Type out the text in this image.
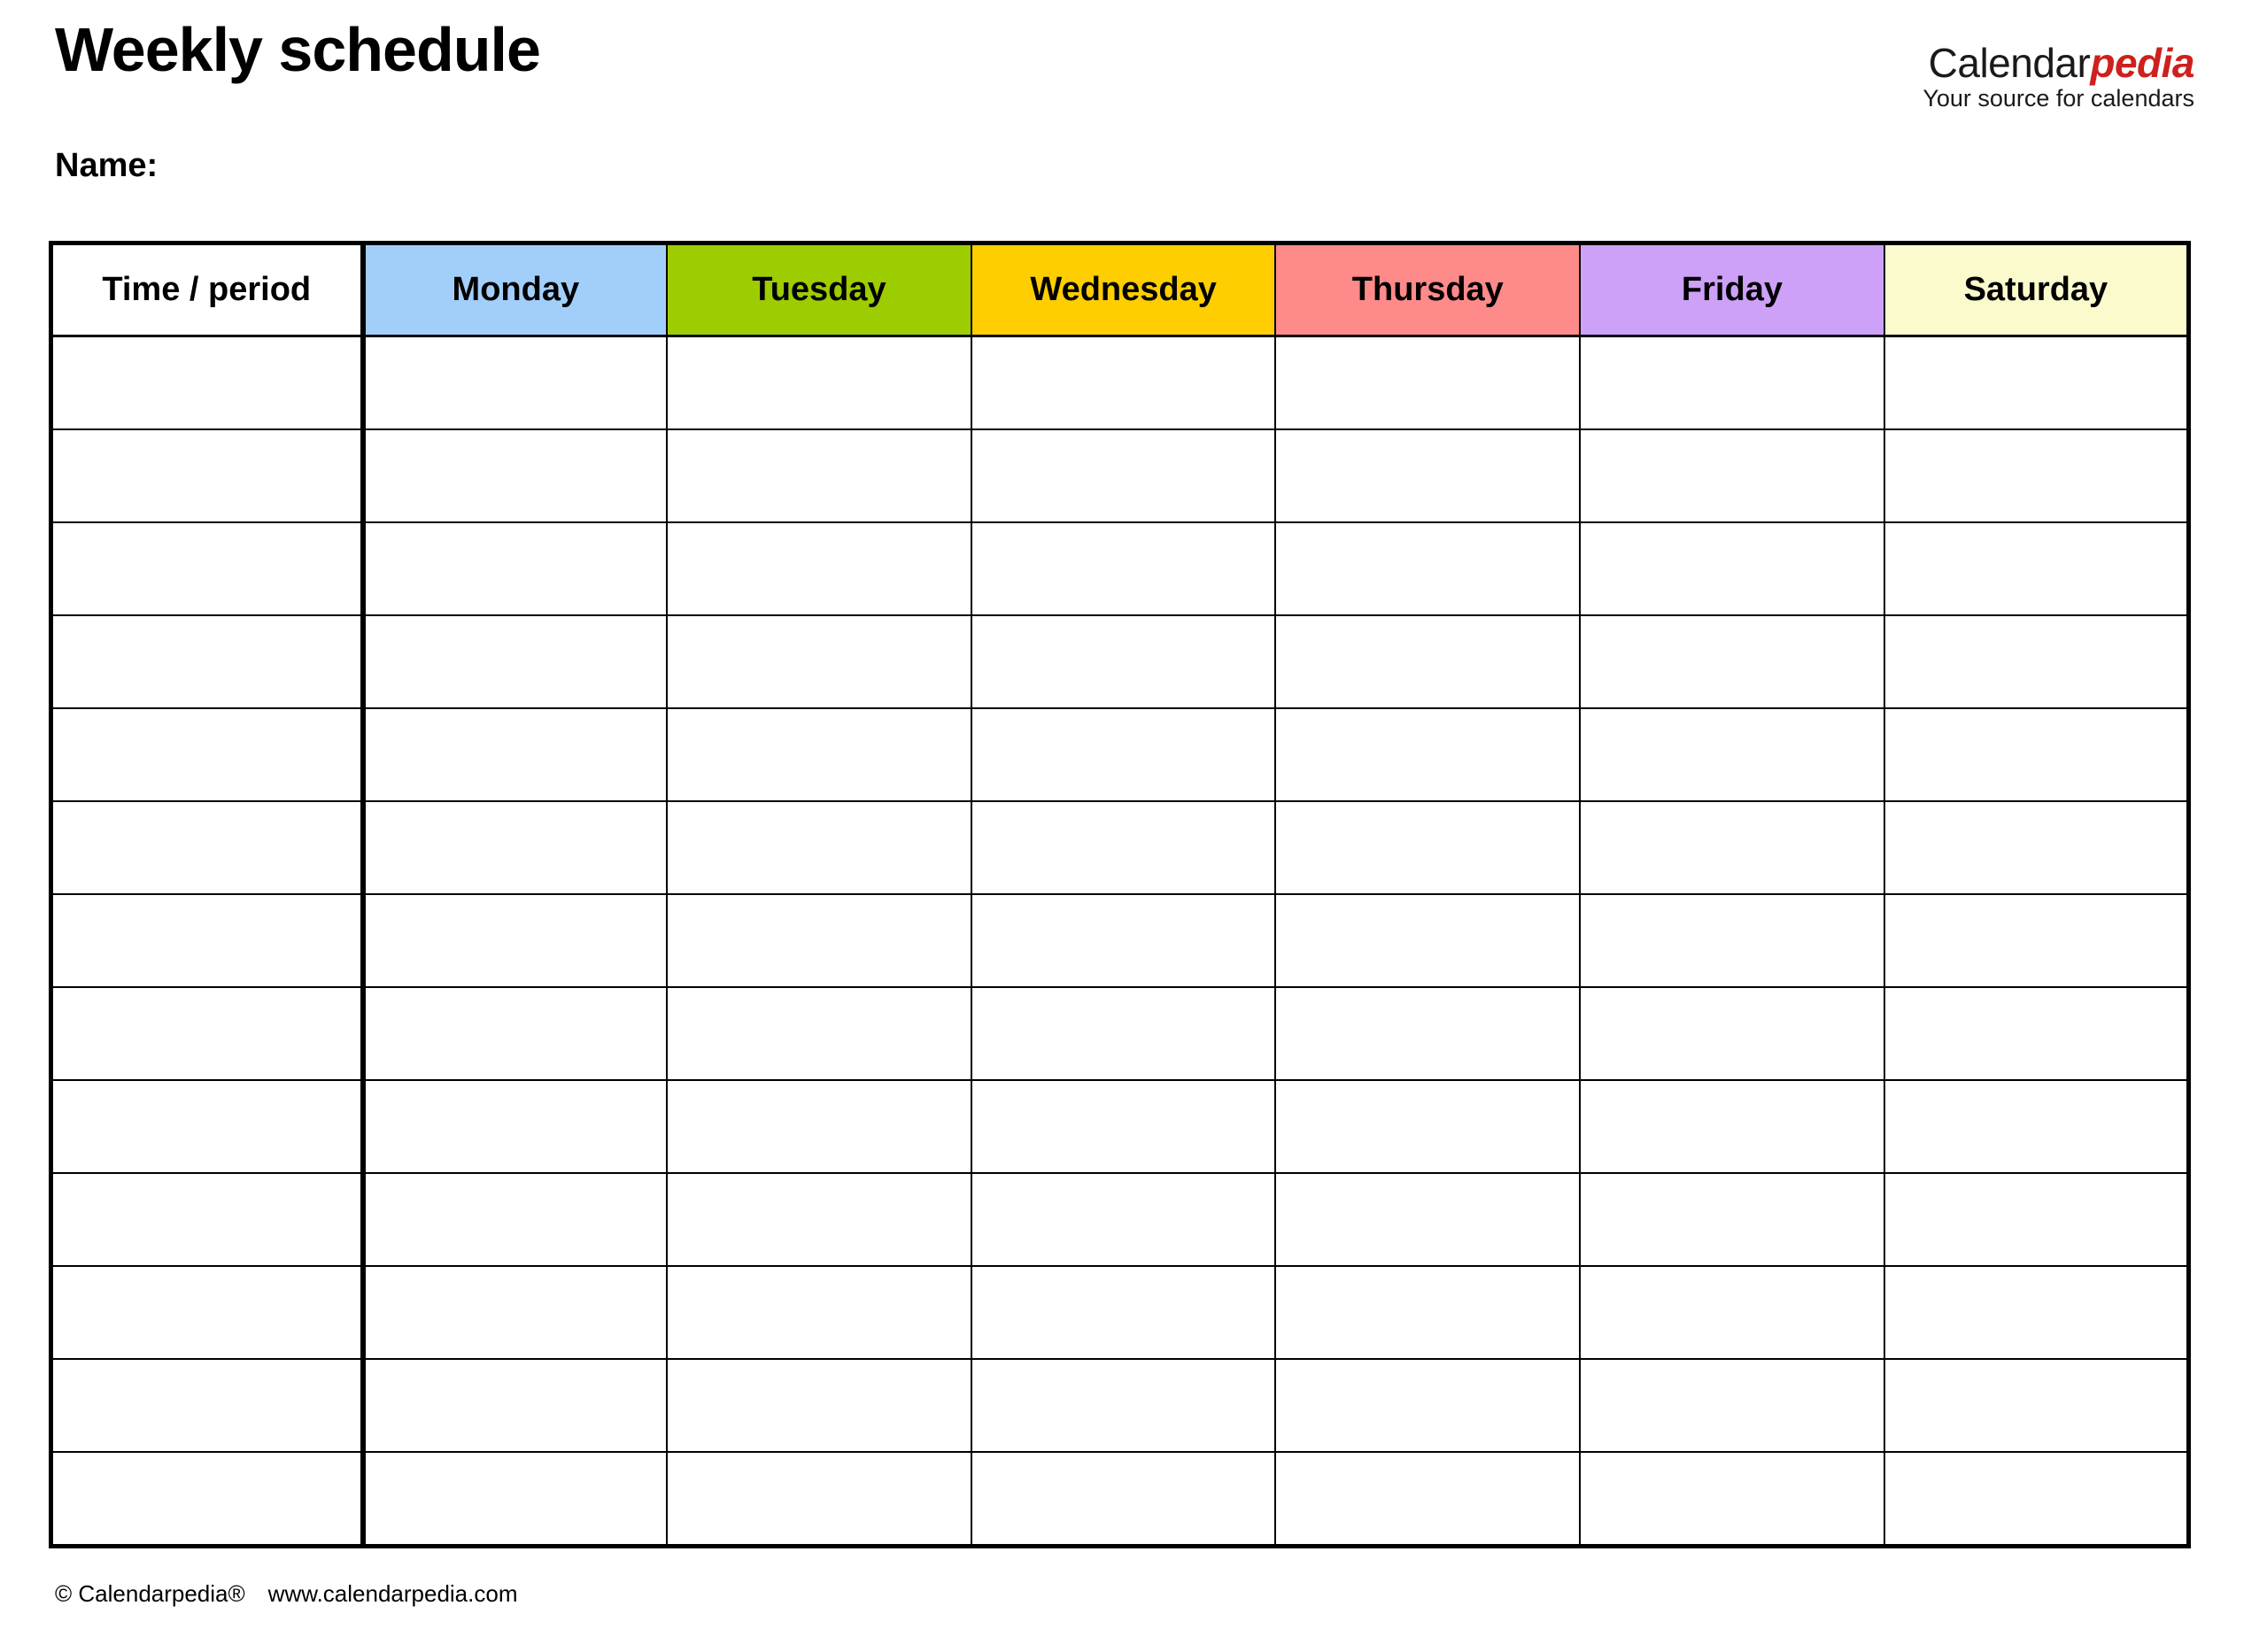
Weekly schedule
Name:
Calendarpedia
Your source for calendars
Time / period	Monday	Tuesday	Wednesday	Thursday	Friday	Saturday

© Calendarpedia® www.calendarpedia.com
